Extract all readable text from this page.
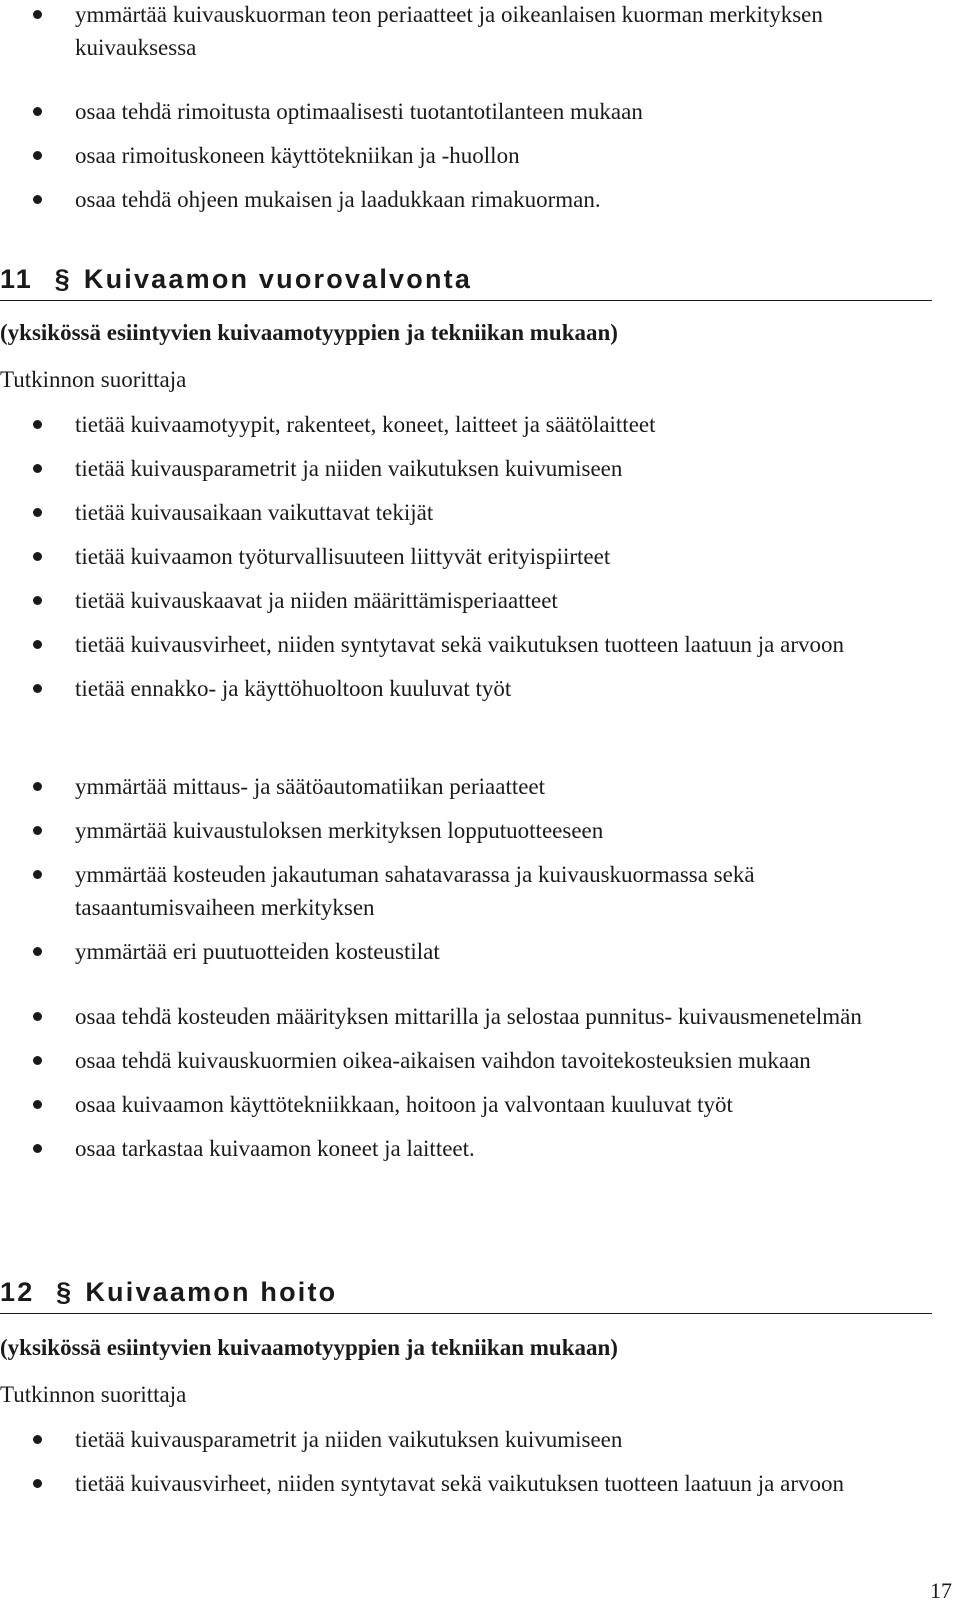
ymmärtää kuivauskuorman teon periaatteet ja oikeanlaisen kuorman merkityksen kuivauksessa
osaa tehdä rimoitusta optimaalisesti tuotantotilanteen mukaan
osaa rimoituskoneen käyttötekniikan ja -huollon
osaa tehdä ohjeen mukaisen ja laadukkaan rimakuorman.
11 § Kuivaamon vuorovalvonta
(yksikössä esiintyvien kuivaamotyyppien ja tekniikan mukaan)
Tutkinnon suorittaja
tietää kuivaamotyypit, rakenteet, koneet, laitteet ja säätölaitteet
tietää kuivausparametrit ja niiden vaikutuksen kuivumiseen
tietää kuivausaikaan vaikuttavat tekijät
tietää kuivaamon työturvallisuuteen liittyvät erityispiirteet
tietää kuivauskaavat ja niiden määrittämisperiaatteet
tietää kuivausvirheet, niiden syntytavat sekä vaikutuksen tuotteen laatuun ja arvoon
tietää ennakko- ja käyttöhuoltoon kuuluvat työt
ymmärtää mittaus- ja säätöautomatiikan periaatteet
ymmärtää kuivaustuloksen merkityksen lopputuotteeseen
ymmärtää kosteuden jakautuman sahatavarassa ja kuivauskuormassa sekä tasaantumisvaiheen merkityksen
ymmärtää eri puutuotteiden kosteustilat
osaa tehdä kosteuden määrityksen mittarilla ja selostaa punnitus- kuivausmenetelmän
osaa tehdä kuivauskuormien oikea-aikaisen vaihdon tavoitekosteuksien mukaan
osaa kuivaamon käyttötekniikkaan, hoitoon ja valvontaan kuuluvat työt
osaa tarkastaa kuivaamon koneet ja laitteet.
12 § Kuivaamon hoito
(yksikössä esiintyvien kuivaamotyyppien ja tekniikan mukaan)
Tutkinnon suorittaja
tietää kuivausparametrit ja niiden vaikutuksen kuivumiseen
tietää kuivausvirheet, niiden syntytavat sekä vaikutuksen tuotteen laatuun ja arvoon
17
